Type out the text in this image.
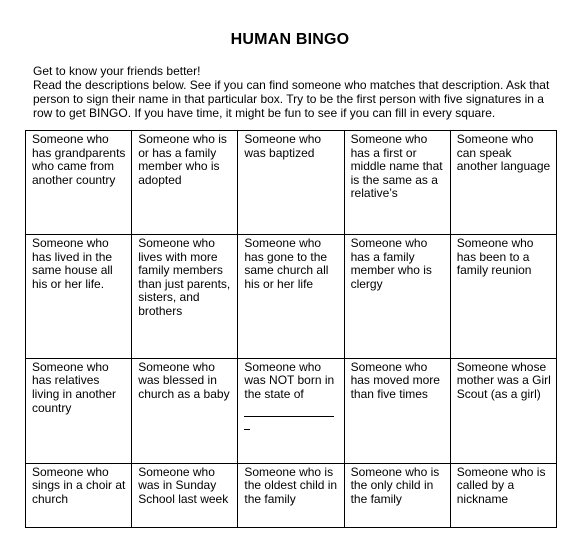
HUMAN BINGO

Get to know your friends better!

Read the descriptions below. See if you can find someone who matches that description. Ask that person to sign their name in that particular box. Try to be the first person with five signatures in a row to get BINGO. If you have time, it might be fun to see if you can fill in every square.

Someone who has grandparents who came from another country	Someone who is or has a family member who is adopted	Someone who was baptized	Someone who has a first or middle name that is the same as a relative’s	Someone who can speak another language
Someone who has lived in the same house all his or her life.	Someone who lives with more family members than just parents, sisters, and brothers	Someone who has gone to the same church all his or her life	Someone who has a family member who is clergy	Someone who has been to a family reunion
Someone who has relatives living in another country	Someone who was blessed in church as a baby	Someone who was NOT born in the state of	Someone who has moved more than five times	Someone whose mother was a Girl Scout (as a girl)
Someone who sings in a choir at church	Someone who was in Sunday School last week	Someone who is the oldest child in the family	Someone who is the only child in the family	Someone who is called by a nickname
